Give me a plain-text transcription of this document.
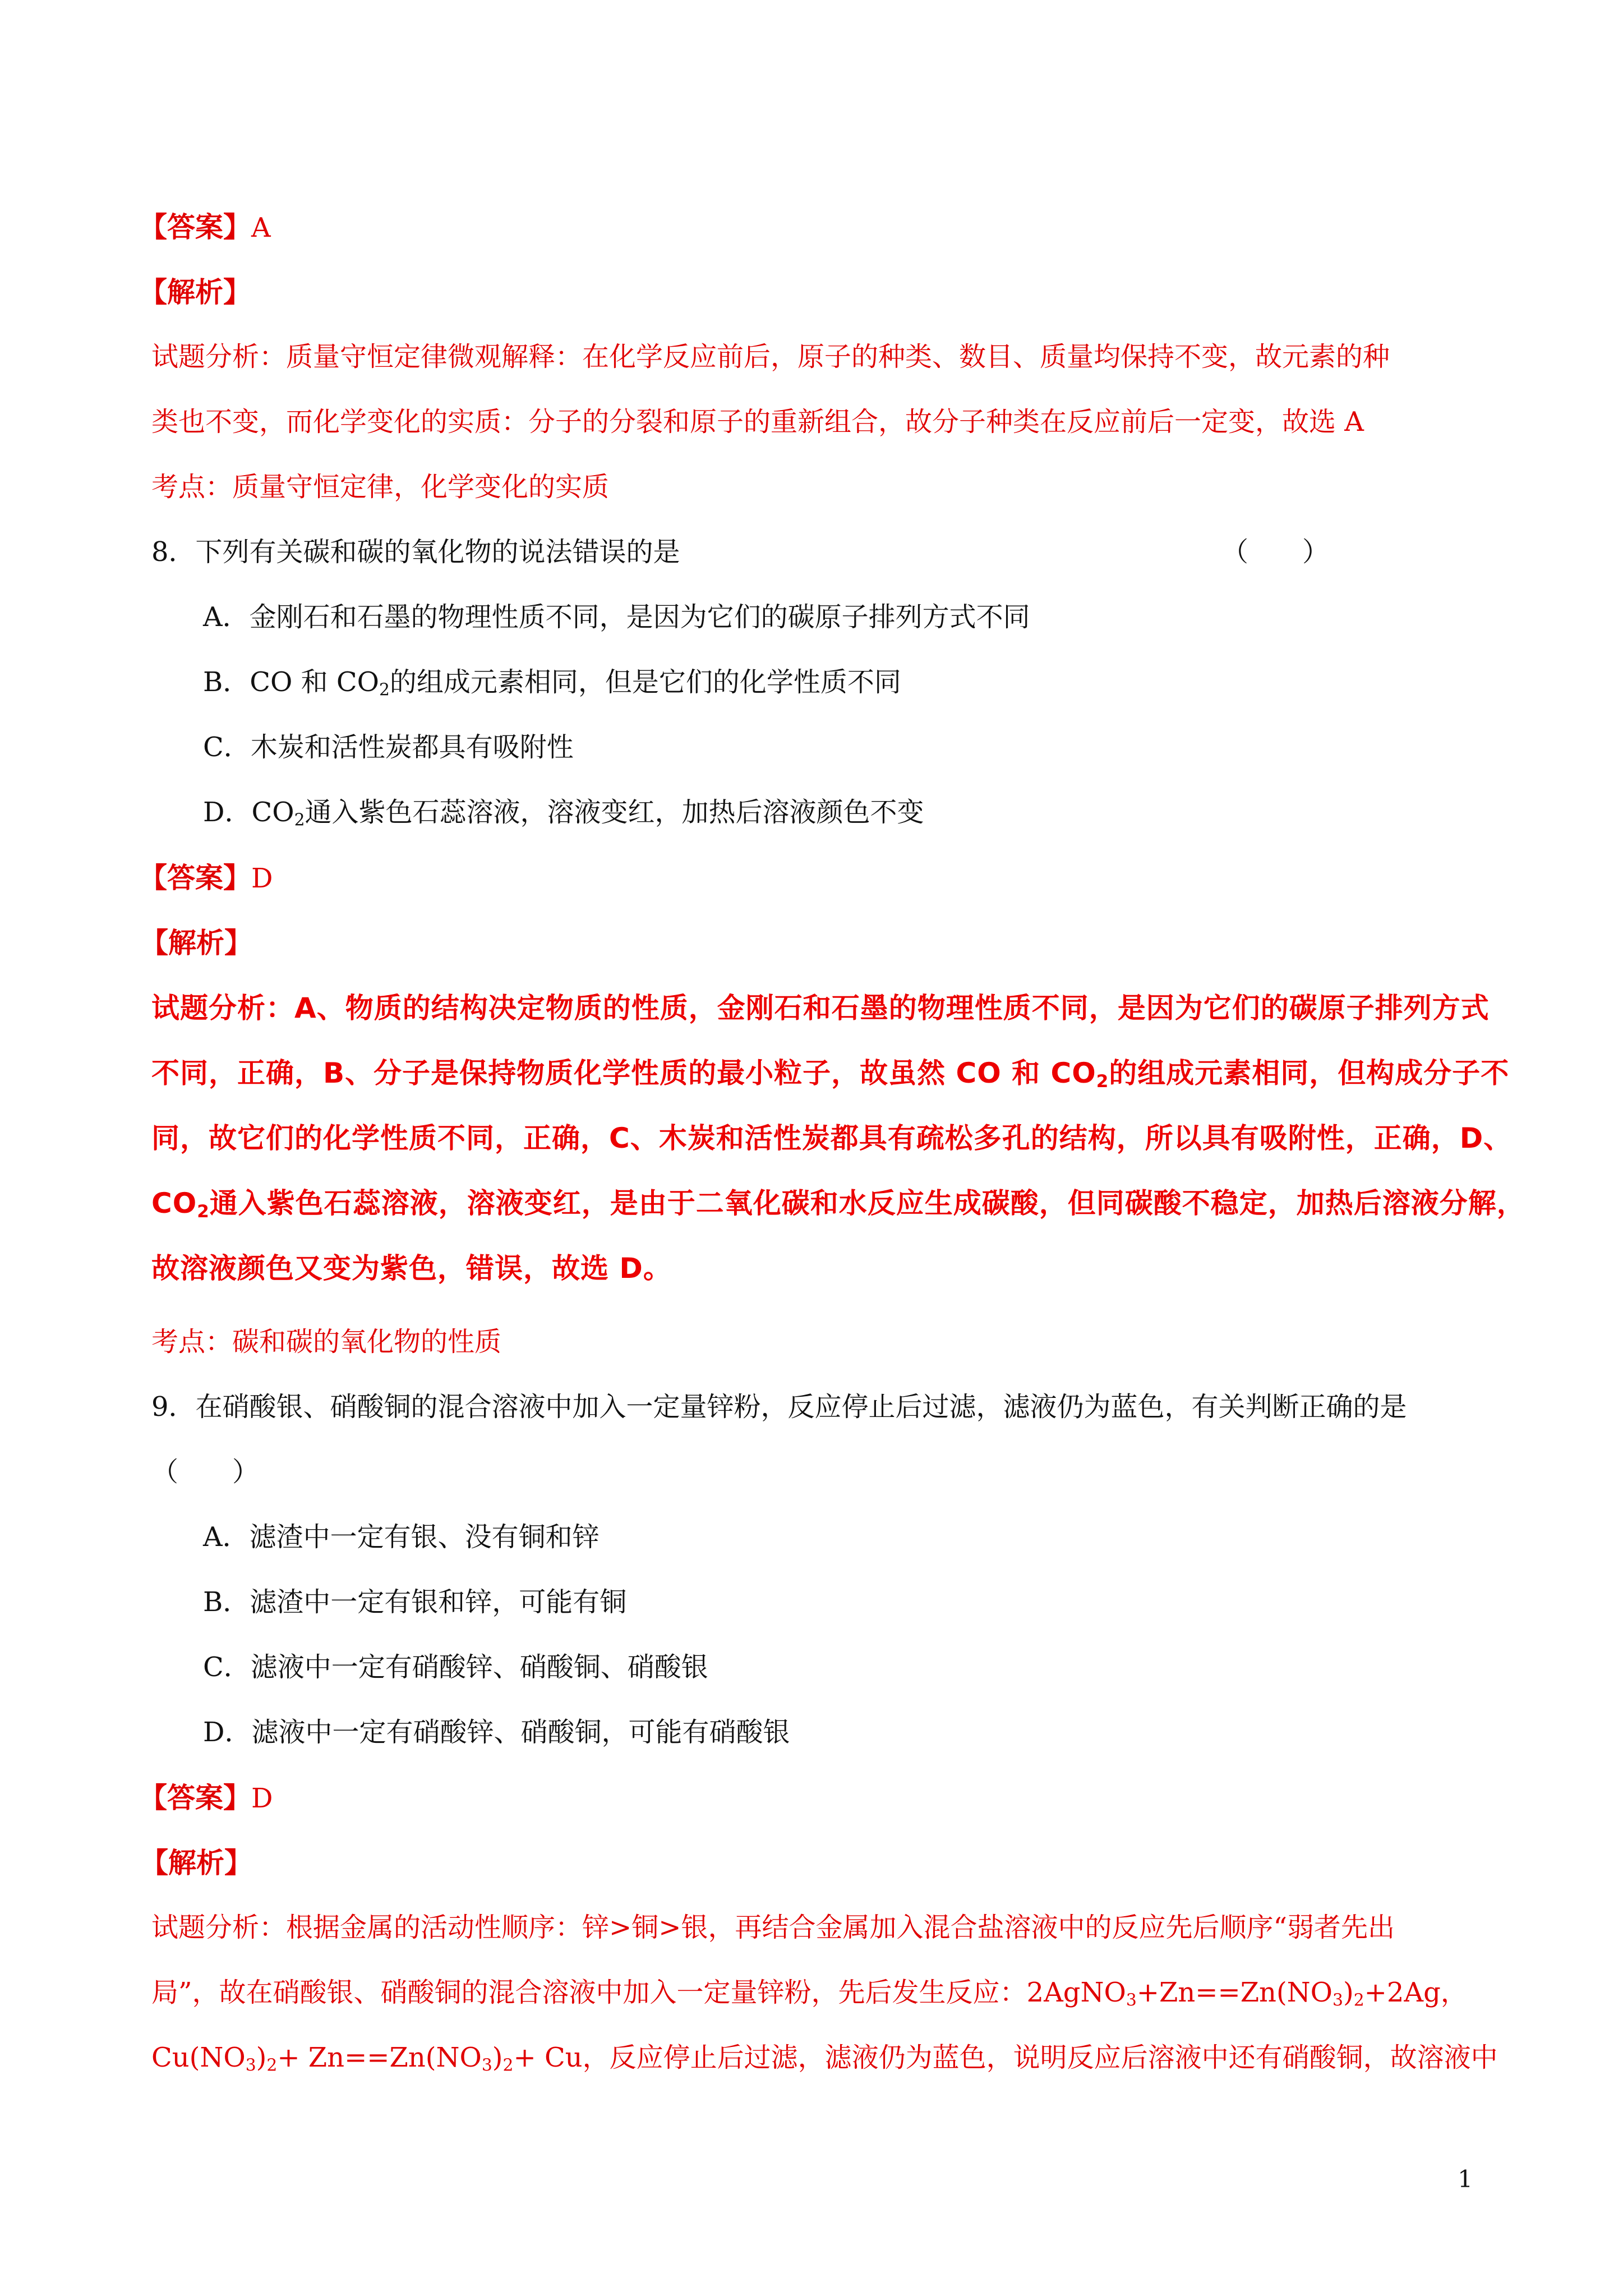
【答案】A
【解析】
试题分析：质量守恒定律微观解释：在化学反应前后，原子的种类、数目、质量均保持不变，故元素的种
类也不变，而化学变化的实质：分子的分裂和原子的重新组合，故分子种类在反应前后一定变，故选 A
考点：质量守恒定律，化学变化的实质
8．下列有关碳和碳的氧化物的说法错误的是	（　　）
A．金刚石和石墨的物理性质不同，是因为它们的碳原子排列方式不同
B．CO 和 $CO_2$的组成元素相同，但是它们的化学性质不同
C．木炭和活性炭都具有吸附性
D．$CO_2$通入紫色石蕊溶液，溶液变红，加热后溶液颜色不变
【答案】D
【解析】
试题分析：A、物质的结构决定物质的性质，金刚石和石墨的物理性质不同，是因为它们的碳原子排列方式
不同，正确，B、分子是保持物质化学性质的最小粒子，故虽然 CO 和 $CO_2$的组成元素相同，但构成分子不
同，故它们的化学性质不同，正确，C、木炭和活性炭都具有疏松多孔的结构，所以具有吸附性，正确，D、
$CO_2$通入紫色石蕊溶液，溶液变红，是由于二氧化碳和水反应生成碳酸，但同碳酸不稳定，加热后溶液分解，
故溶液颜色又变为紫色，错误，故选 D。
考点：碳和碳的氧化物的性质
9．在硝酸银、硝酸铜的混合溶液中加入一定量锌粉，反应停止后过滤，滤液仍为蓝色，有关判断正确的是
（　　）
A．滤渣中一定有银、没有铜和锌
B．滤渣中一定有银和锌，可能有铜
C．滤液中一定有硝酸锌、硝酸铜、硝酸银
D．滤液中一定有硝酸锌、硝酸铜，可能有硝酸银
【答案】D
【解析】
试题分析：根据金属的活动性顺序：锌>铜>银，再结合金属加入混合盐溶液中的反应先后顺序“弱者先出
局”，故在硝酸银、硝酸铜的混合溶液中加入一定量锌粉，先后发生反应：$2AgNO_3+Zn==Zn(NO_3)_2+2Ag$，
$Cu(NO_3)_2+ Zn==Zn(NO_3)_2+ Cu$，反应停止后过滤，滤液仍为蓝色，说明反应后溶液中还有硝酸铜，故溶液中
1
